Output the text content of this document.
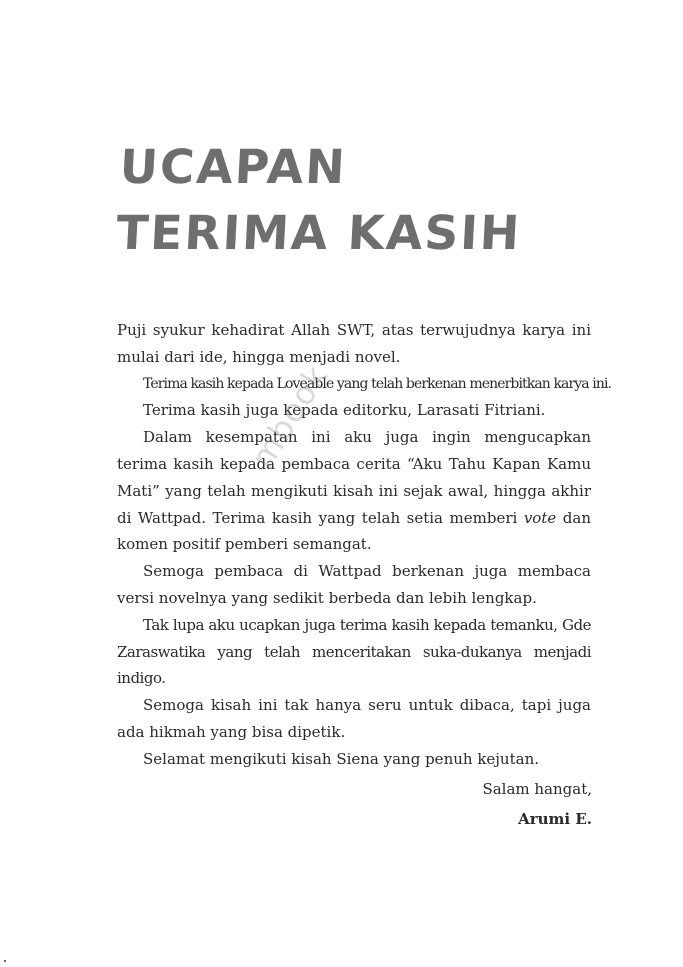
UCAPAN
TERIMA KASIH

Puji syukur kehadirat Allah SWT, atas terwujudnya karya ini mulai dari ide, hingga menjadi novel.

Terima kasih kepada Loveable yang telah berkenan menerbitkan karya ini.

Terima kasih juga kepada editorku, Larasati Fitriani.

Dalam kesempatan ini aku juga ingin mengucapkan terima kasih kepada pembaca cerita “Aku Tahu Kapan Kamu Mati” yang telah mengikuti kisah ini sejak awal, hingga akhir di Wattpad. Terima kasih yang telah setia memberi vote dan komen positif pemberi semangat.

Semoga pembaca di Wattpad berkenan juga membaca versi novelnya yang sedikit berbeda dan lebih lengkap.

Tak lupa aku ucapkan juga terima kasih kepada temanku, Gde Zaraswatika yang telah menceritakan suka-dukanya menjadi indigo.

Semoga kisah ini tak hanya seru untuk dibaca, tapi juga ada hikmah yang bisa dipetik.

Selamat mengikuti kisah Siena yang penuh kejutan.

mbook
Salam hangat,
Arumi E.
